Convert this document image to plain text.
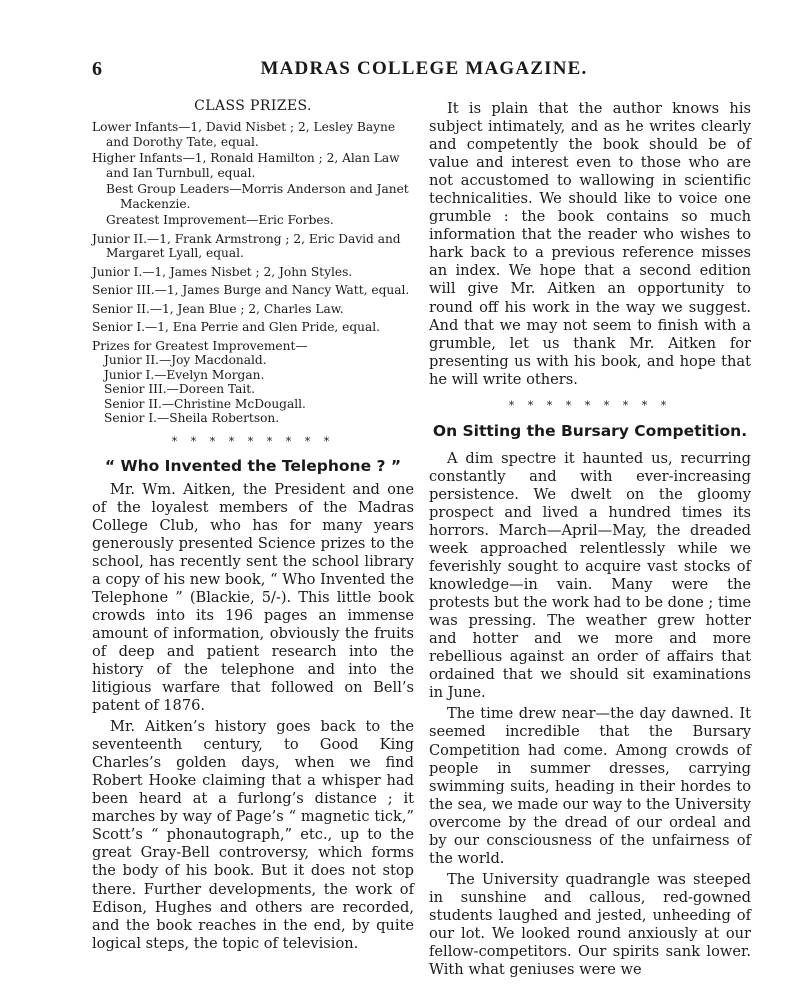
6	MADRAS COLLEGE MAGAZINE.
CLASS PRIZES.

Lower Infants—1, David Nisbet ; 2, Lesley Bayne and Dorothy Tate, equal.

Higher Infants—1, Ronald Hamilton ; 2, Alan Law and Ian Turnbull, equal.

Best Group Leaders—Morris Anderson and Janet Mackenzie.

Greatest Improvement—Eric Forbes.

Junior II.—1, Frank Armstrong ; 2, Eric David and Margaret Lyall, equal.

Junior I.—1, James Nisbet ; 2, John Styles.

Senior III.—1, James Burge and Nancy Watt, equal.

Senior II.—1, Jean Blue ; 2, Charles Law.

Senior I.—1, Ena Perrie and Glen Pride, equal.

Prizes for Greatest Improvement—

Junior II.—Joy Macdonald.

Junior I.—Evelyn Morgan.

Senior III.—Doreen Tait.

Senior II.—Christine McDougall.

Senior I.—Sheila Robertson.

* * * * * * * * *
“ Who Invented the Telephone ? ”

Mr. Wm. Aitken, the President and one of the loyalest members of the Madras College Club, who has for many years generously presented Science prizes to the school, has recently sent the school library a copy of his new book, “ Who Invented the Telephone ” (Blackie, 5/-). This little book crowds into its 196 pages an immense amount of information, obviously the fruits of deep and patient research into the history of the telephone and into the litigious warfare that followed on Bell’s patent of 1876.

Mr. Aitken’s history goes back to the seventeenth century, to Good King Charles’s golden days, when we find Robert Hooke claiming that a whisper had been heard at a furlong’s distance ; it marches by way of Page’s “ magnetic tick,” Scott’s “ phonautograph,” etc., up to the great Gray-Bell controversy, which forms the body of his book. But it does not stop there. Further developments, the work of Edison, Hughes and others are recorded, and the book reaches in the end, by quite logical steps, the topic of television.

It is plain that the author knows his subject intimately, and as he writes clearly and competently the book should be of value and interest even to those who are not accustomed to wallowing in scientific technicalities. We should like to voice one grumble : the book contains so much information that the reader who wishes to hark back to a previous reference misses an index. We hope that a second edition will give Mr. Aitken an opportunity to round off his work in the way we suggest. And that we may not seem to finish with a grumble, let us thank Mr. Aitken for presenting us with his book, and hope that he will write others.

* * * * * * * * *
On Sitting the Bursary Competition.

A dim spectre it haunted us, recurring constantly and with ever-increasing persistence. We dwelt on the gloomy prospect and lived a hundred times its horrors. March—April—May, the dreaded week approached relentlessly while we feverishly sought to acquire vast stocks of knowledge—in vain. Many were the protests but the work had to be done ; time was pressing. The weather grew hotter and hotter and we more and more rebellious against an order of affairs that ordained that we should sit examinations in June.

The time drew near—the day dawned. It seemed incredible that the Bursary Competition had come. Among crowds of people in summer dresses, carrying swimming suits, heading in their hordes to the sea, we made our way to the University overcome by the dread of our ordeal and by our consciousness of the unfairness of the world.

The University quadrangle was steeped in sunshine and callous, red-gowned students laughed and jested, unheeding of our lot. We looked round anxiously at our fellow-competitors. Our spirits sank lower. With what geniuses were we
